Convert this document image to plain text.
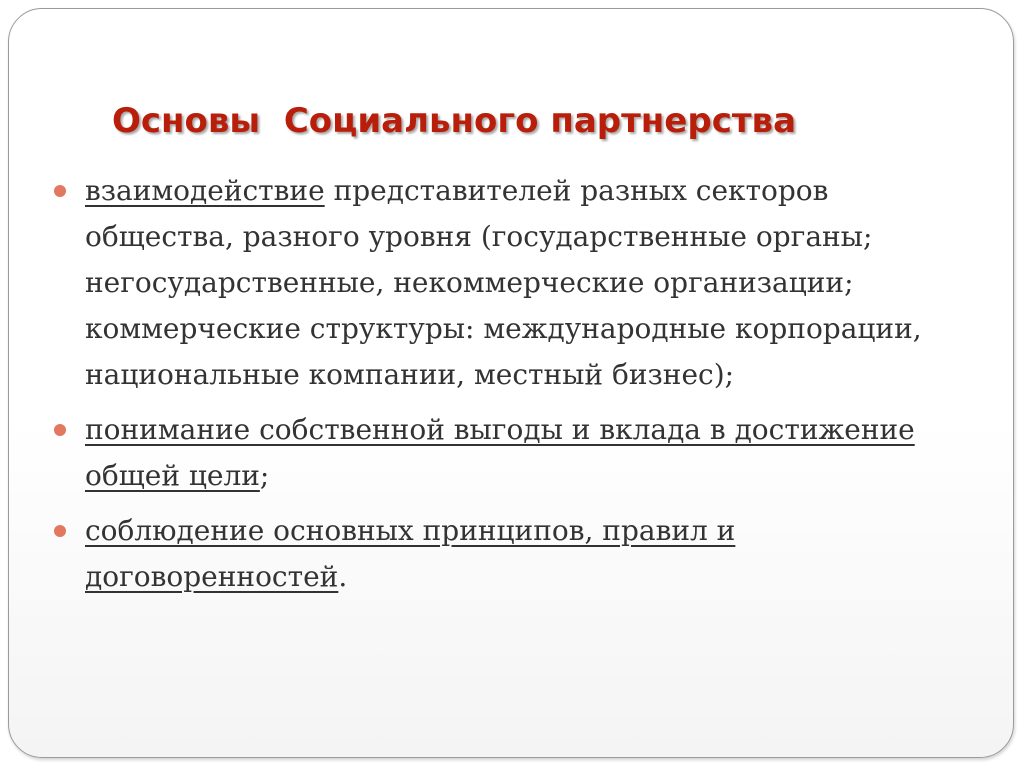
Основы  Социального партнерства
взаимодействие представителей разных секторов общества, разного уровня (государственные органы; негосударственные, некоммерческие организации; коммерческие структуры: международные корпорации, национальные компании, местный бизнес);
понимание собственной выгоды и вклада в достижение общей цели;
соблюдение основных принципов, правил и договоренностей.
